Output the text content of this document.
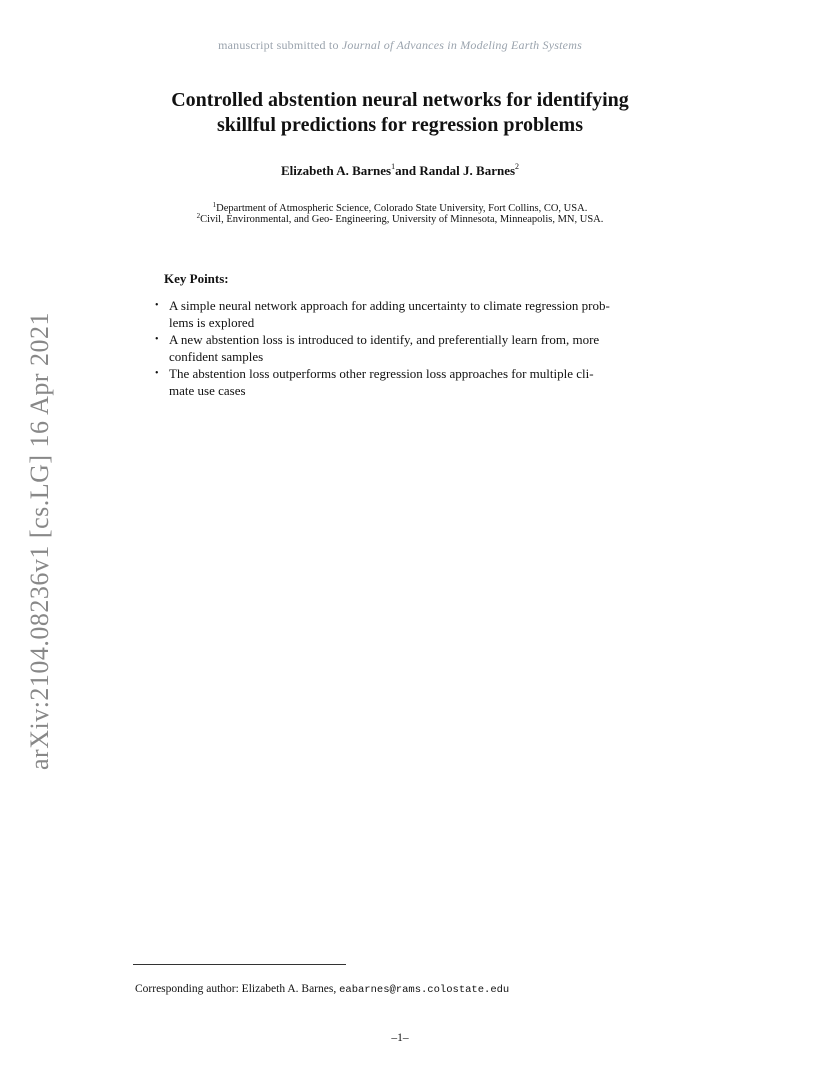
manuscript submitted to Journal of Advances in Modeling Earth Systems
Controlled abstention neural networks for identifying
skillful predictions for regression problems
Elizabeth A. Barnes$^1$and Randal J. Barnes$^2$
$^1$Department of Atmospheric Science, Colorado State University, Fort Collins, CO, USA.
$^2$Civil, Environmental, and Geo- Engineering, University of Minnesota, Minneapolis, MN, USA.
Key Points:
• A simple neural network approach for adding uncertainty to climate regression prob-
lems is explored
• A new abstention loss is introduced to identify, and preferentially learn from, more
confident samples
• The abstention loss outperforms other regression loss approaches for multiple cli-
mate use cases
arXiv:2104.08236v1 [cs.LG] 16 Apr 2021
Corresponding author: Elizabeth A. Barnes, eabarnes@rams.colostate.edu
–1–
